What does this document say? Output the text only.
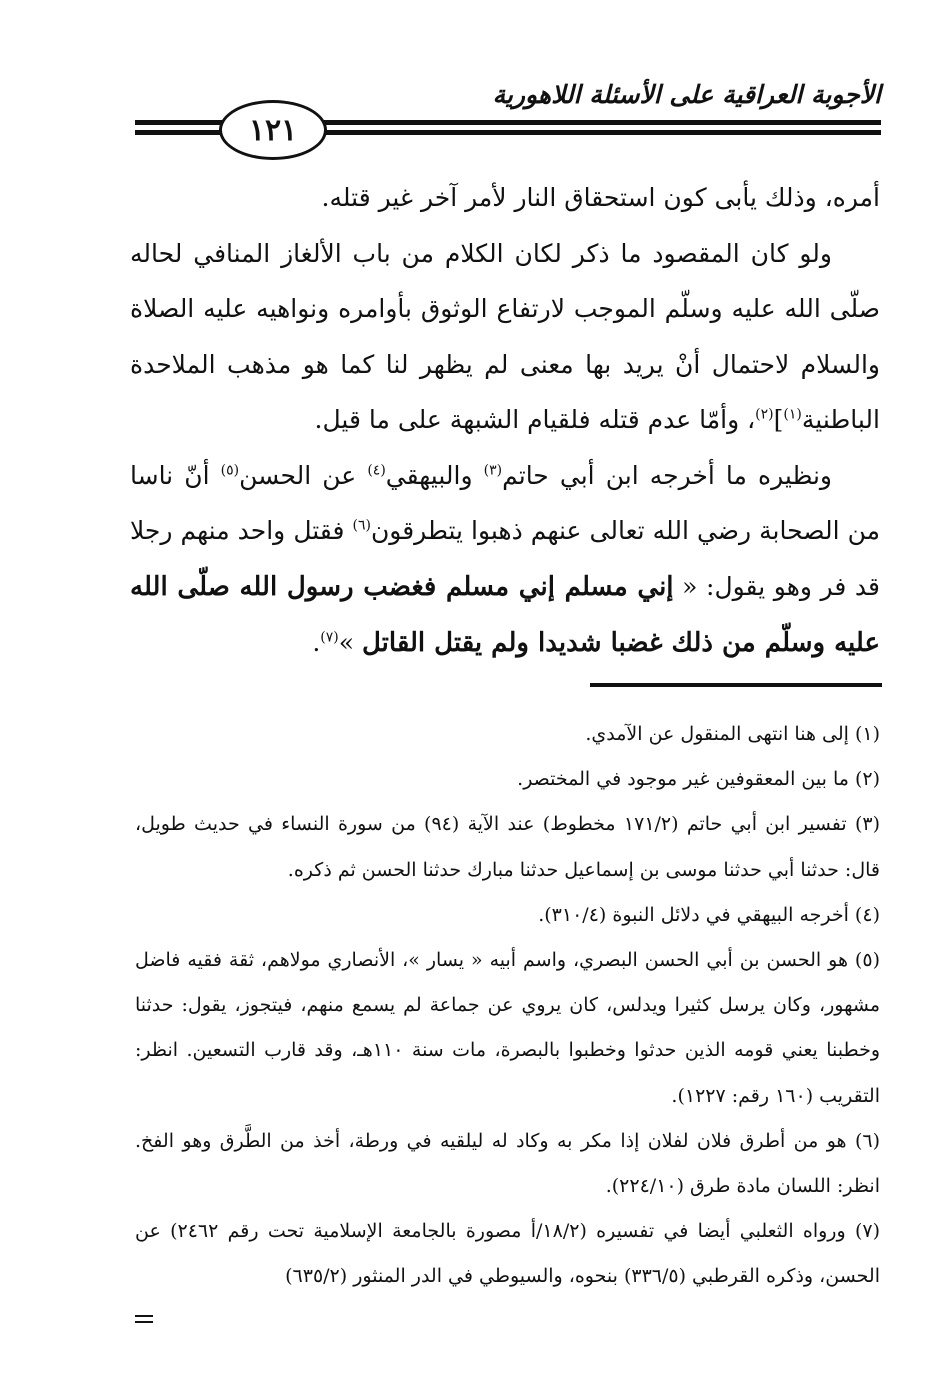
الأجوبة العراقية على الأسئلة اللاهورية
١٢١

أمره، وذلك يأبى كون استحقاق النار لأمر آخر غير قتله.

ولو كان المقصود ما ذكر لكان الكلام من باب الألغاز المنافي لحاله صلّى الله عليه وسلّم الموجب لارتفاع الوثوق بأوامره ونواهيه عليه الصلاة والسلام لاحتمال أنْ يريد بها معنى لم يظهر لنا كما هو مذهب الملاحدة الباطنية$^{(١)}$]$^{(٢)}$، وأمّا عدم قتله فلقيام الشبهة على ما قيل.

ونظيره ما أخرجه ابن أبي حاتم$^{(٣)}$ والبيهقي$^{(٤)}$ عن الحسن$^{(٥)}$ أنّ ناسا من الصحابة رضي الله تعالى عنهم ذهبوا يتطرقون$^{(٦)}$ فقتل واحد منهم رجلا قد فر وهو يقول: « إني مسلم إني مسلم فغضب رسول الله صلّى الله عليه وسلّم من ذلك غضبا شديدا ولم يقتل القاتل »$^{(٧)}$.

(١) إلى هنا انتهى المنقول عن الآمدي.

(٢) ما بين المعقوفين غير موجود في المختصر.

(٣) تفسير ابن أبي حاتم (١٧١/٢ مخطوط) عند الآية (٩٤) من سورة النساء في حديث طويل، قال: حدثنا أبي حدثنا موسى بن إسماعيل حدثنا مبارك حدثنا الحسن ثم ذكره.

(٤) أخرجه البيهقي في دلائل النبوة (٣١٠/٤).

(٥) هو الحسن بن أبي الحسن البصري، واسم أبيه « يسار »، الأنصاري مولاهم، ثقة فقيه فاضل مشهور، وكان يرسل كثيرا ويدلس، كان يروي عن جماعة لم يسمع منهم، فيتجوز، يقول: حدثنا وخطبنا يعني قومه الذين حدثوا وخطبوا بالبصرة، مات سنة ١١٠هـ، وقد قارب التسعين. انظر: التقريب (١٦٠ رقم: ١٢٢٧).

(٦) هو من أطرق فلان لفلان إذا مكر به وكاد له ليلقيه في ورطة، أخذ من الطَّرق وهو الفخ. انظر: اللسان مادة طرق (٢٢٤/١٠).

(٧) ورواه الثعلبي أيضا في تفسيره (١٨/٢/أ مصورة بالجامعة الإسلامية تحت رقم ٢٤٦٢) عن الحسن، وذكره القرطبي (٣٣٦/٥) بنحوه، والسيوطي في الدر المنثور (٦٣٥/٢)
